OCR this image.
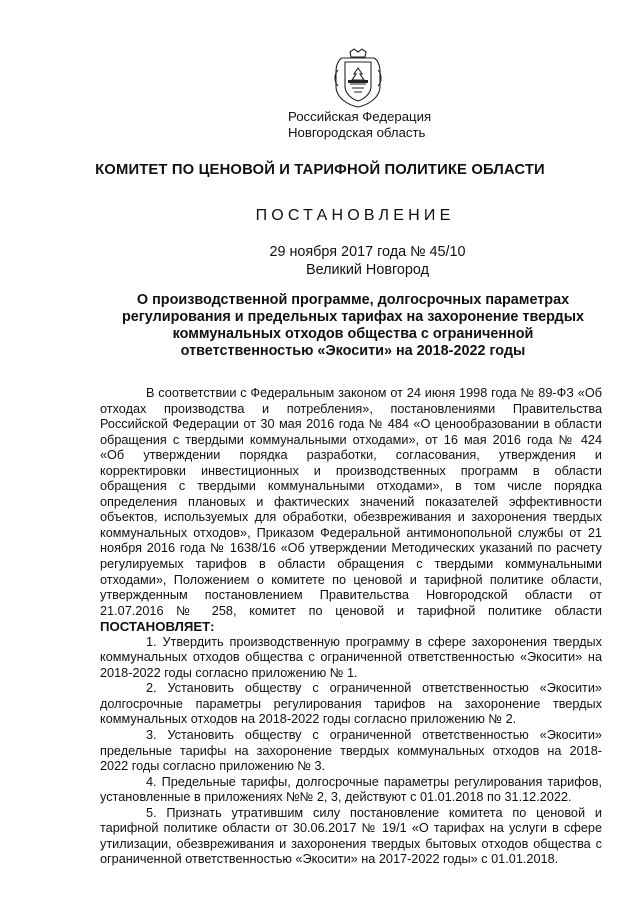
Российская Федерация
Новгородская область
КОМИТЕТ ПО ЦЕНОВОЙ И ТАРИФНОЙ ПОЛИТИКЕ ОБЛАСТИ
ПОСТАНОВЛЕНИЕ
29 ноября 2017 года № 45/10
Великий Новгород
О производственной программе, долгосрочных параметрах
регулирования и предельных тарифах на захоронение твердых
коммунальных отходов общества с ограниченной
ответственностью «Экосити» на 2018-2022 годы
В соответствии с Федеральным законом от 24 июня 1998 года № 89-ФЗ «Об
отходах производства и потребления», постановлениями Правительства
Российской Федерации от 30 мая 2016 года № 484 «О ценообразовании в области
обращения с твердыми коммунальными отходами», от 16 мая 2016 года № 424
«Об утверждении порядка разработки, согласования, утверждения и
корректировки инвестиционных и производственных программ в области
обращения с твердыми коммунальными отходами», в том числе порядка
определения плановых и фактических значений показателей эффективности
объектов, используемых для обработки, обезвреживания и захоронения твердых
коммунальных отходов», Приказом Федеральной антимонопольной службы от 21
ноября 2016 года № 1638/16 «Об утверждении Методических указаний по расчету
регулируемых тарифов в области обращения с твердыми коммунальными
отходами», Положением о комитете по ценовой и тарифной политике области,
утвержденным постановлением Правительства Новгородской области от
21.07.2016 № 258, комитет по ценовой и тарифной политике области
ПОСТАНОВЛЯЕТ:
1. Утвердить производственную программу в сфере захоронения твердых
коммунальных отходов общества с ограниченной ответственностью «Экосити» на
2018-2022 годы согласно приложению № 1.
2. Установить обществу с ограниченной ответственностью «Экосити»
долгосрочные параметры регулирования тарифов на захоронение твердых
коммунальных отходов на 2018-2022 годы согласно приложению № 2.
3. Установить обществу с ограниченной ответственностью «Экосити»
предельные тарифы на захоронение твердых коммунальных отходов на 2018-
2022 годы согласно приложению № 3.
4. Предельные тарифы, долгосрочные параметры регулирования тарифов,
установленные в приложениях №№ 2, 3, действуют с 01.01.2018 по 31.12.2022.
5. Признать утратившим силу постановление комитета по ценовой и
тарифной политике области от 30.06.2017 № 19/1 «О тарифах на услуги в сфере
утилизации, обезвреживания и захоронения твердых бытовых отходов общества с
ограниченной ответственностью «Экосити» на 2017-2022 годы» с 01.01.2018.
